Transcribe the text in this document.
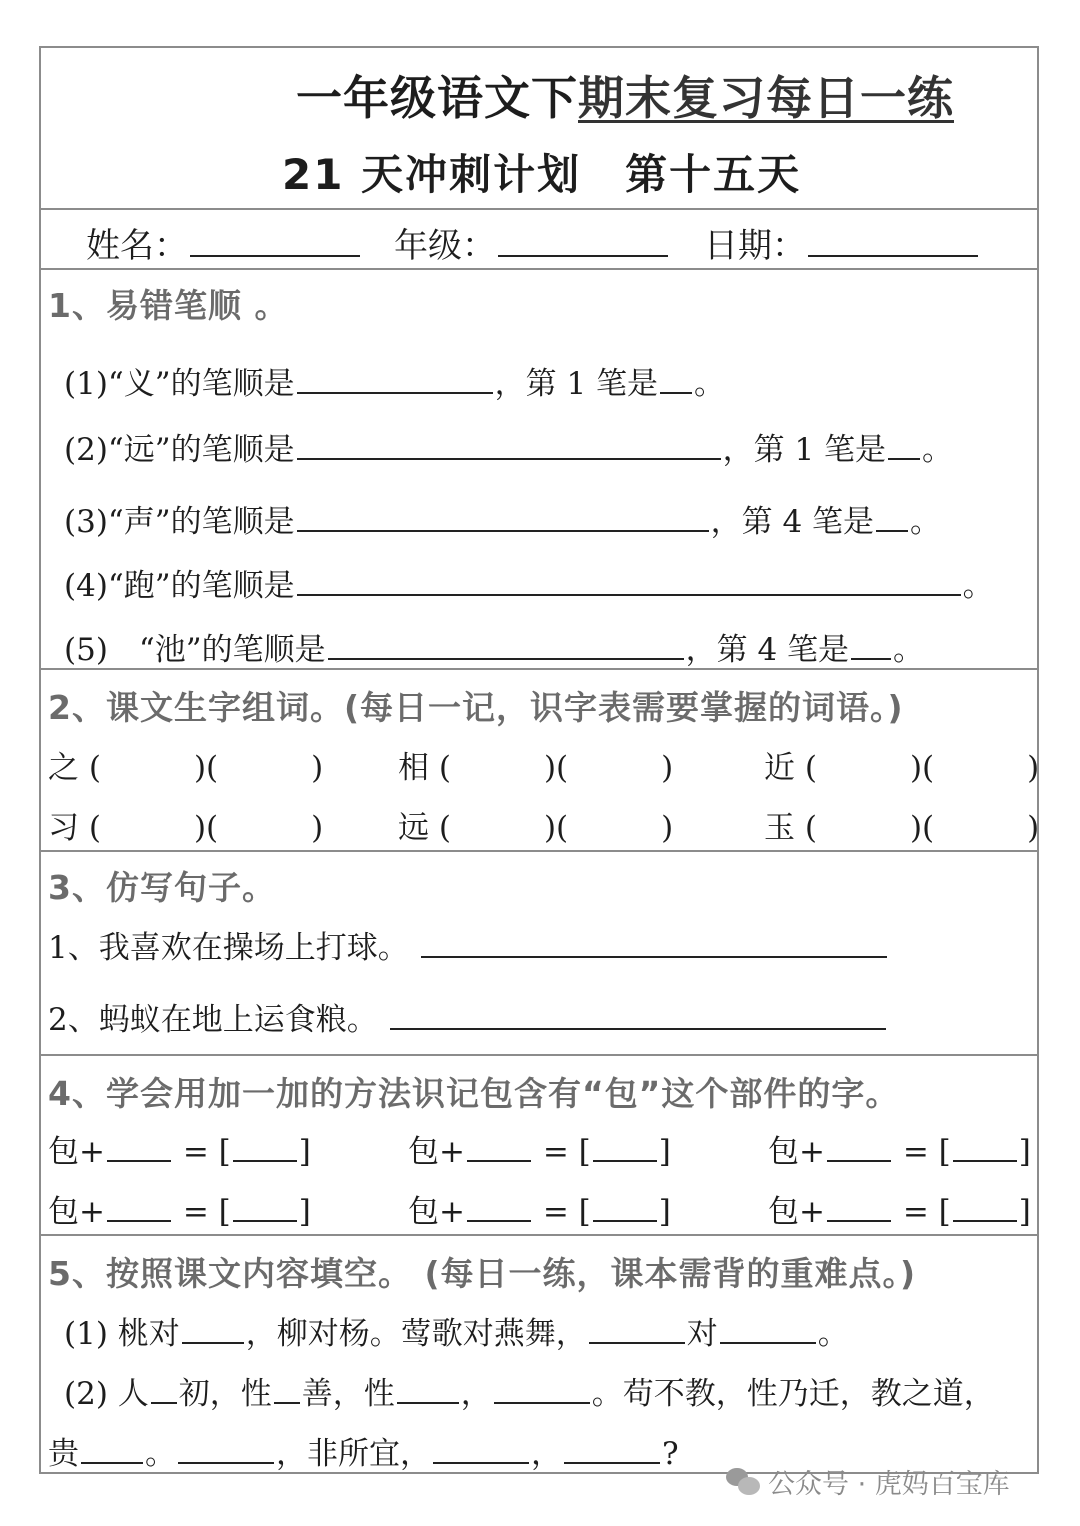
一年级语文下期末复习每日一练
21 天冲刺计划　第十五天
姓名：	年级：	日期：
1、易错笔顺 。
(1)“义”的笔顺是	，第 1 笔是 。
(2)“远”的笔顺是	，第 1 笔是 。
(3)“声”的笔顺是	，第 4 笔是 。
(4)“跑”的笔顺是	。
(5)　“池”的笔顺是	，第 4 笔是 。
2、课文生字组词。(每日一记，识字表需要掌握的词语。)
之 (　　　)(　　　) 相 (　　　)(　　　)	近 (　　　)(　　　)
习 (　　　)(　　　) 远 (　　　)(　　　)	玉 (　　　)(　　　)
3、仿写句子。
1、我喜欢在操场上打球。
2、蚂蚁在地上运食粮。
4、学会用加一加的方法识记包含有“包”这个部件的字。
包+	= [ ]	包+	= [ ]	包+	= [ ]
包+	= [ ]	包+	= [ ]	包+	= [ ]
5、按照课文内容填空。 (每日一练，课本需背的重难点。)
(1) 桃对 ，柳对杨。莺歌对燕舞，	对	。
(2) 人 初，性 善，性 ，	。苟不教，性乃迁，教之道，
贵 。	，非所宜，	，	?
公众号 · 虎妈百宝库
